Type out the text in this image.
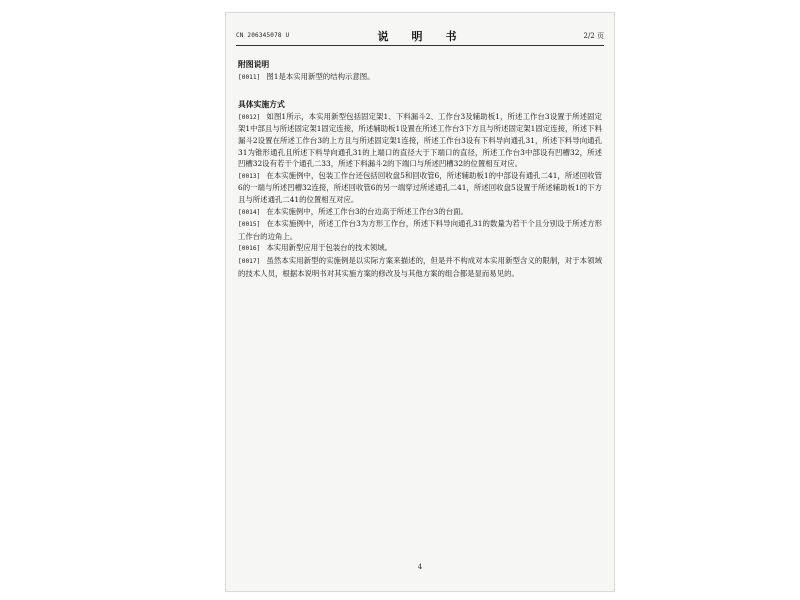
CN 206345078 U	说　明　书	2/2 页
附图说明

[0011] 图1是本实用新型的结构示意图。

具体实施方式

[0012] 如图1所示，本实用新型包括固定架1、下料漏斗2、工作台3及辅助板1，所述工作台3设置于所述固定架1中部且与所述固定架1固定连接，所述辅助板1设置在所述工作台3下方且与所述固定架1固定连接，所述下料漏斗2设置在所述工作台3的上方且与所述固定架1连接，所述工作台3设有下料导向通孔31，所述下料导向通孔31为锥形通孔且所述下料导向通孔31的上端口的直径大于下端口的直径，所述工作台3中部设有凹槽32，所述凹槽32设有若干个通孔二33，所述下料漏斗2的下端口与所述凹槽32的位置相互对应。

[0013] 在本实施例中，包装工作台还包括回收盘5和回收管6，所述辅助板1的中部设有通孔二41，所述回收管6的一端与所述凹槽32连接，所述回收管6的另一端穿过所述通孔二41，所述回收盘5设置于所述辅助板1的下方且与所述通孔二41的位置相互对应。

[0014] 在本实施例中，所述工作台3的台边高于所述工作台3的台面。

[0015] 在本实施例中，所述工作台3为方形工作台，所述下料导向通孔31的数量为若干个且分别设于所述方形工作台的边角上。

[0016] 本实用新型应用于包装台的技术领域。

[0017] 虽然本实用新型的实施例是以实际方案来描述的，但是并不构成对本实用新型含义的限制，对于本领域的技术人员，根据本说明书对其实施方案的修改及与其他方案的组合都是显而易见的。

4
